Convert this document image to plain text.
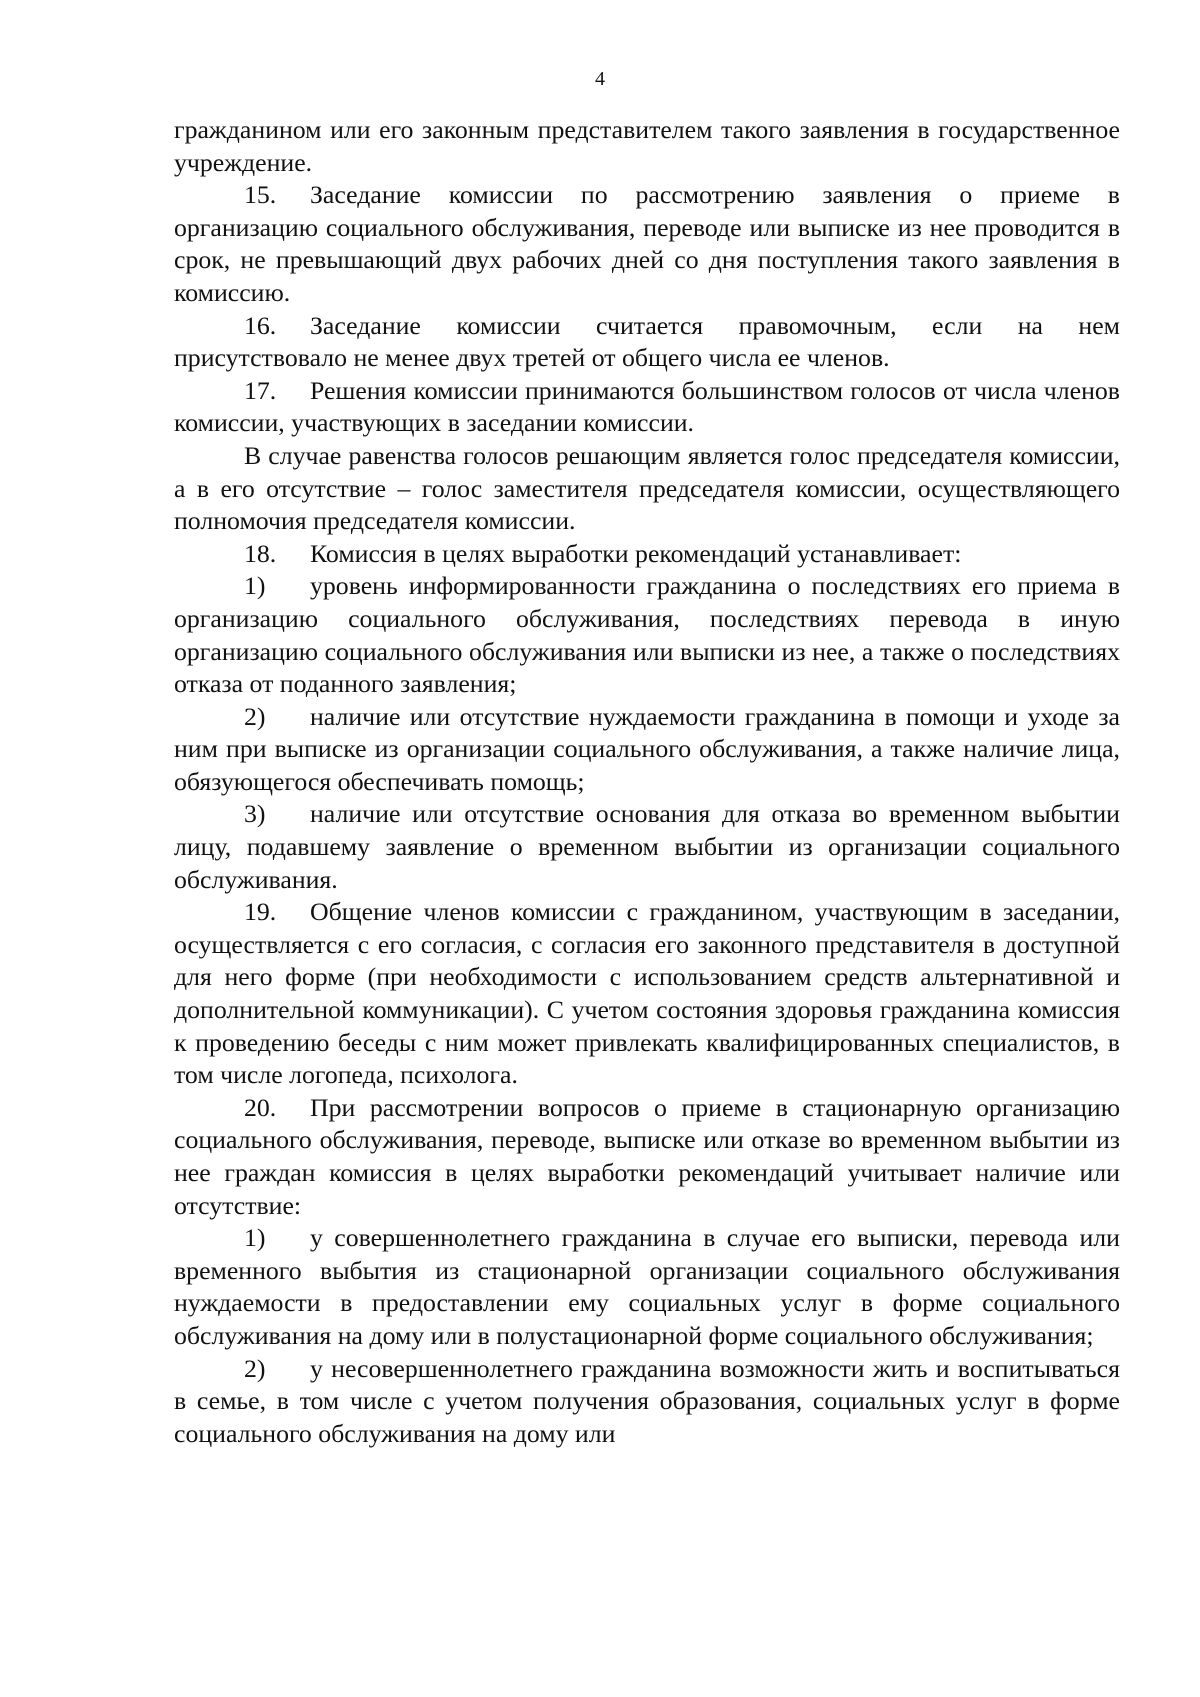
4

гражданином или его законным представителем такого заявления в государственное учреждение.

15. Заседание комиссии по рассмотрению заявления о приеме в организацию социального обслуживания, переводе или выписке из нее проводится в срок, не превышающий двух рабочих дней со дня поступления такого заявления в комиссию.

16. Заседание комиссии считается правомочным, если на нем присутствовало не менее двух третей от общего числа ее членов.

17. Решения комиссии принимаются большинством голосов от числа членов комиссии, участвующих в заседании комиссии.

В случае равенства голосов решающим является голос председателя комиссии, а в его отсутствие – голос заместителя председателя комиссии, осуществляющего полномочия председателя комиссии.

18. Комиссия в целях выработки рекомендаций устанавливает:

1) уровень информированности гражданина о последствиях его приема в организацию социального обслуживания, последствиях перевода в иную организацию социального обслуживания или выписки из нее, а также о последствиях отказа от поданного заявления;

2) наличие или отсутствие нуждаемости гражданина в помощи и уходе за ним при выписке из организации социального обслуживания, а также наличие лица, обязующегося обеспечивать помощь;

3) наличие или отсутствие основания для отказа во временном выбытии лицу, подавшему заявление о временном выбытии из организации социального обслуживания.

19. Общение членов комиссии с гражданином, участвующим в заседании, осуществляется с его согласия, с согласия его законного представителя в доступной для него форме (при необходимости с использованием средств альтернативной и дополнительной коммуникации). С учетом состояния здоровья гражданина комиссия к проведению беседы с ним может привлекать квалифицированных специалистов, в том числе логопеда, психолога.

20. При рассмотрении вопросов о приеме в стационарную организацию социального обслуживания, переводе, выписке или отказе во временном выбытии из нее граждан комиссия в целях выработки рекомендаций учитывает наличие или отсутствие:

1) у совершеннолетнего гражданина в случае его выписки, перевода или временного выбытия из стационарной организации социального обслуживания нуждаемости в предоставлении ему социальных услуг в форме социального обслуживания на дому или в полустационарной форме социального обслуживания;

2) у несовершеннолетнего гражданина возможности жить и воспитываться в семье, в том числе с учетом получения образования, социальных услуг в форме социального обслуживания на дому или
